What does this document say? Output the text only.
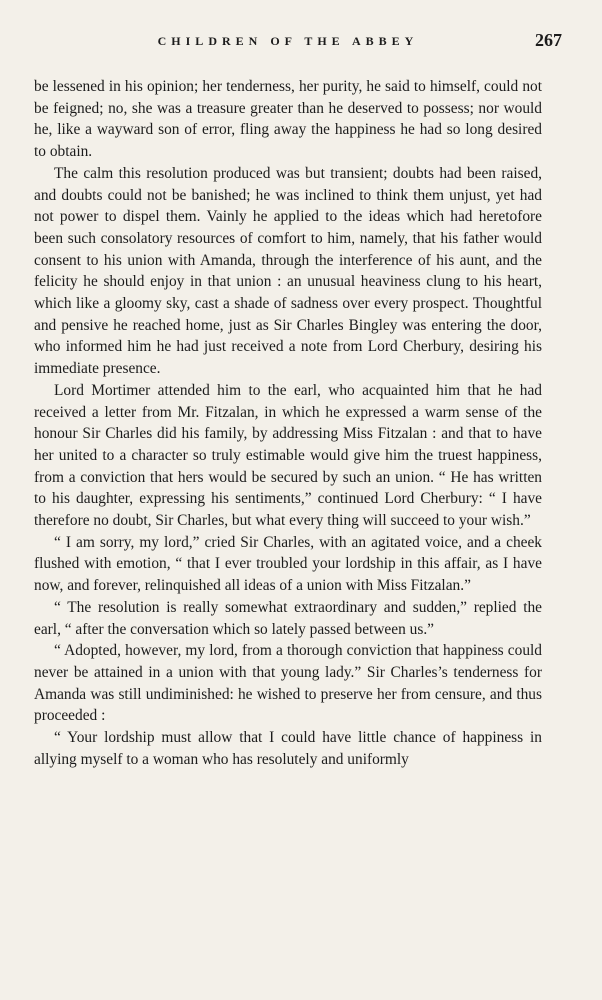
CHILDREN OF THE ABBEY	267

be lessened in his opinion; her tenderness, her purity, he said to himself, could not be feigned; no, she was a treasure greater than he deserved to possess; nor would he, like a wayward son of error, fling away the happiness he had so long desired to obtain.

The calm this resolution produced was but transient; doubts had been raised, and doubts could not be banished; he was inclined to think them unjust, yet had not power to dispel them. Vainly he applied to the ideas which had heretofore been such consolatory resources of comfort to him, namely, that his father would consent to his union with Amanda, through the interference of his aunt, and the felicity he should enjoy in that union : an unusual heaviness clung to his heart, which like a gloomy sky, cast a shade of sadness over every prospect. Thoughtful and pensive he reached home, just as Sir Charles Bingley was entering the door, who informed him he had just received a note from Lord Cherbury, desiring his immediate presence.

Lord Mortimer attended him to the earl, who acquainted him that he had received a letter from Mr. Fitzalan, in which he expressed a warm sense of the honour Sir Charles did his family, by addressing Miss Fitzalan : and that to have her united to a character so truly estimable would give him the truest happiness, from a conviction that hers would be secured by such an union. “ He has written to his daughter, expressing his sentiments,” continued Lord Cherbury: “ I have therefore no doubt, Sir Charles, but what every thing will succeed to your wish.”

“ I am sorry, my lord,” cried Sir Charles, with an agitated voice, and a cheek flushed with emotion, “ that I ever troubled your lordship in this affair, as I have now, and forever, relinquished all ideas of a union with Miss Fitzalan.”

“ The resolution is really somewhat extraordinary and sudden,” replied the earl, “ after the conversation which so lately passed between us.”

“ Adopted, however, my lord, from a thorough conviction that happiness could never be attained in a union with that young lady.” Sir Charles’s tenderness for Amanda was still undiminished: he wished to preserve her from censure, and thus proceeded :

“ Your lordship must allow that I could have little chance of happiness in allying myself to a woman who has resolutely and uniformly
